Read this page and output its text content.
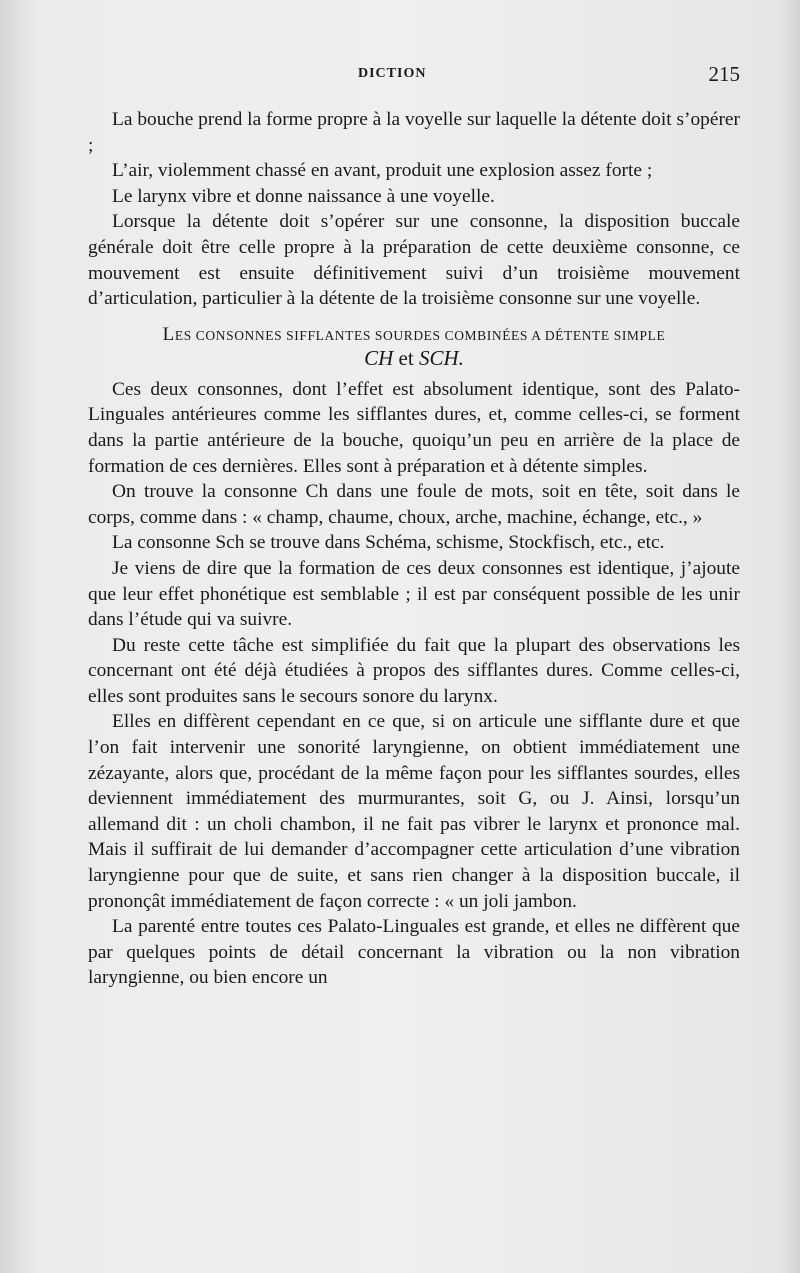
DICTION	215

La bouche prend la forme propre à la voyelle sur laquelle la détente doit s’opérer ;

L’air, violemment chassé en avant, produit une explosion assez forte ;

Le larynx vibre et donne naissance à une voyelle.

Lorsque la détente doit s’opérer sur une consonne, la disposition buccale générale doit être celle propre à la préparation de cette deuxième consonne, ce mouvement est ensuite définitivement suivi d’un troisième mouvement d’articulation, particulier à la détente de la troisième consonne sur une voyelle.

LES CONSONNES SIFFLANTES SOURDES COMBINÉES A DÉTENTE SIMPLE

CH et SCH.

Ces deux consonnes, dont l’effet est absolument identique, sont des Palato-Linguales antérieures comme les sifflantes dures, et, comme celles-ci, se forment dans la partie antérieure de la bouche, quoiqu’un peu en arrière de la place de formation de ces dernières. Elles sont à préparation et à détente simples.

On trouve la consonne Ch dans une foule de mots, soit en tête, soit dans le corps, comme dans : « champ, chaume, choux, arche, machine, échange, etc., »

La consonne Sch se trouve dans Schéma, schisme, Stockfisch, etc., etc.

Je viens de dire que la formation de ces deux consonnes est identique, j’ajoute que leur effet phonétique est semblable ; il est par conséquent possible de les unir dans l’étude qui va suivre.

Du reste cette tâche est simplifiée du fait que la plupart des observations les concernant ont été déjà étudiées à propos des sifflantes dures. Comme celles-ci, elles sont produites sans le secours sonore du larynx.

Elles en diffèrent cependant en ce que, si on articule une sifflante dure et que l’on fait intervenir une sonorité laryngienne, on obtient immédiatement une zézayante, alors que, procédant de la même façon pour les sifflantes sourdes, elles deviennent immédiatement des murmurantes, soit G, ou J. Ainsi, lorsqu’un allemand dit : un choli chambon, il ne fait pas vibrer le larynx et prononce mal. Mais il suffirait de lui demander d’accompagner cette articulation d’une vibration laryngienne pour que de suite, et sans rien changer à la disposition buccale, il prononçât immédiatement de façon correcte : « un joli jambon.

La parenté entre toutes ces Palato-Linguales est grande, et elles ne diffèrent que par quelques points de détail concernant la vibration ou la non vibration laryngienne, ou bien encore un
